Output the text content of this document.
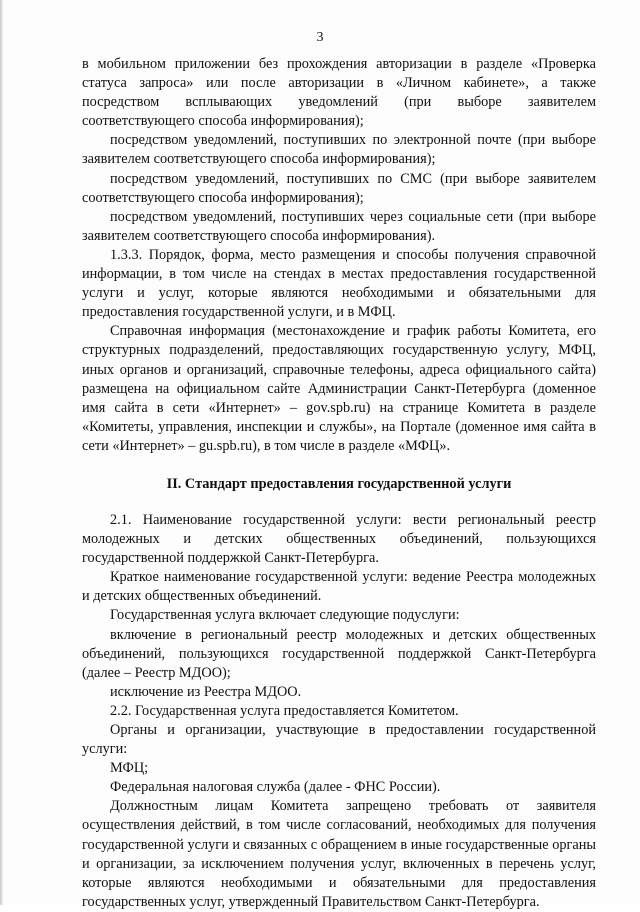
3

в мобильном приложении без прохождения авторизации в разделе «Проверка статуса запроса» или после авторизации в «Личном кабинете», а также посредством всплывающих уведомлений (при выборе заявителем соответствующего способа информирования);

посредством уведомлений, поступивших по электронной почте (при выборе заявителем соответствующего способа информирования);

посредством уведомлений, поступивших по СМС (при выборе заявителем соответствующего способа информирования);

посредством уведомлений, поступивших через социальные сети (при выборе заявителем соответствующего способа информирования).

1.3.3. Порядок, форма, место размещения и способы получения справочной информации, в том числе на стендах в местах предоставления государственной услуги и услуг, которые являются необходимыми и обязательными для предоставления государственной услуги, и в МФЦ.

Справочная информация (местонахождение и график работы Комитета, его структурных подразделений, предоставляющих государственную услугу, МФЦ, иных органов и организаций, справочные телефоны, адреса официального сайта) размещена на официальном сайте Администрации Санкт-Петербурга (доменное имя сайта в сети «Интернет» – gov.spb.ru) на странице Комитета в разделе «Комитеты, управления, инспекции и службы», на Портале (доменное имя сайта в сети «Интернет» – gu.spb.ru), в том числе в разделе «МФЦ».

II. Стандарт предоставления государственной услуги

2.1. Наименование государственной услуги: вести региональный реестр молодежных и детских общественных объединений, пользующихся государственной поддержкой Санкт-Петербурга.

Краткое наименование государственной услуги: ведение Реестра молодежных и детских общественных объединений.

Государственная услуга включает следующие подуслуги:

включение в региональный реестр молодежных и детских общественных объединений, пользующихся государственной поддержкой Санкт-Петербурга (далее – Реестр МДОО);

исключение из Реестра МДОО.

2.2. Государственная услуга предоставляется Комитетом.

Органы и организации, участвующие в предоставлении государственной услуги:

МФЦ;

Федеральная налоговая служба (далее - ФНС России).

Должностным лицам Комитета запрещено требовать от заявителя осуществления действий, в том числе согласований, необходимых для получения государственной услуги и связанных с обращением в иные государственные органы и организации, за исключением получения услуг, включенных в перечень услуг, которые являются необходимыми и обязательными для предоставления государственных услуг, утвержденный Правительством Санкт-Петербурга.
